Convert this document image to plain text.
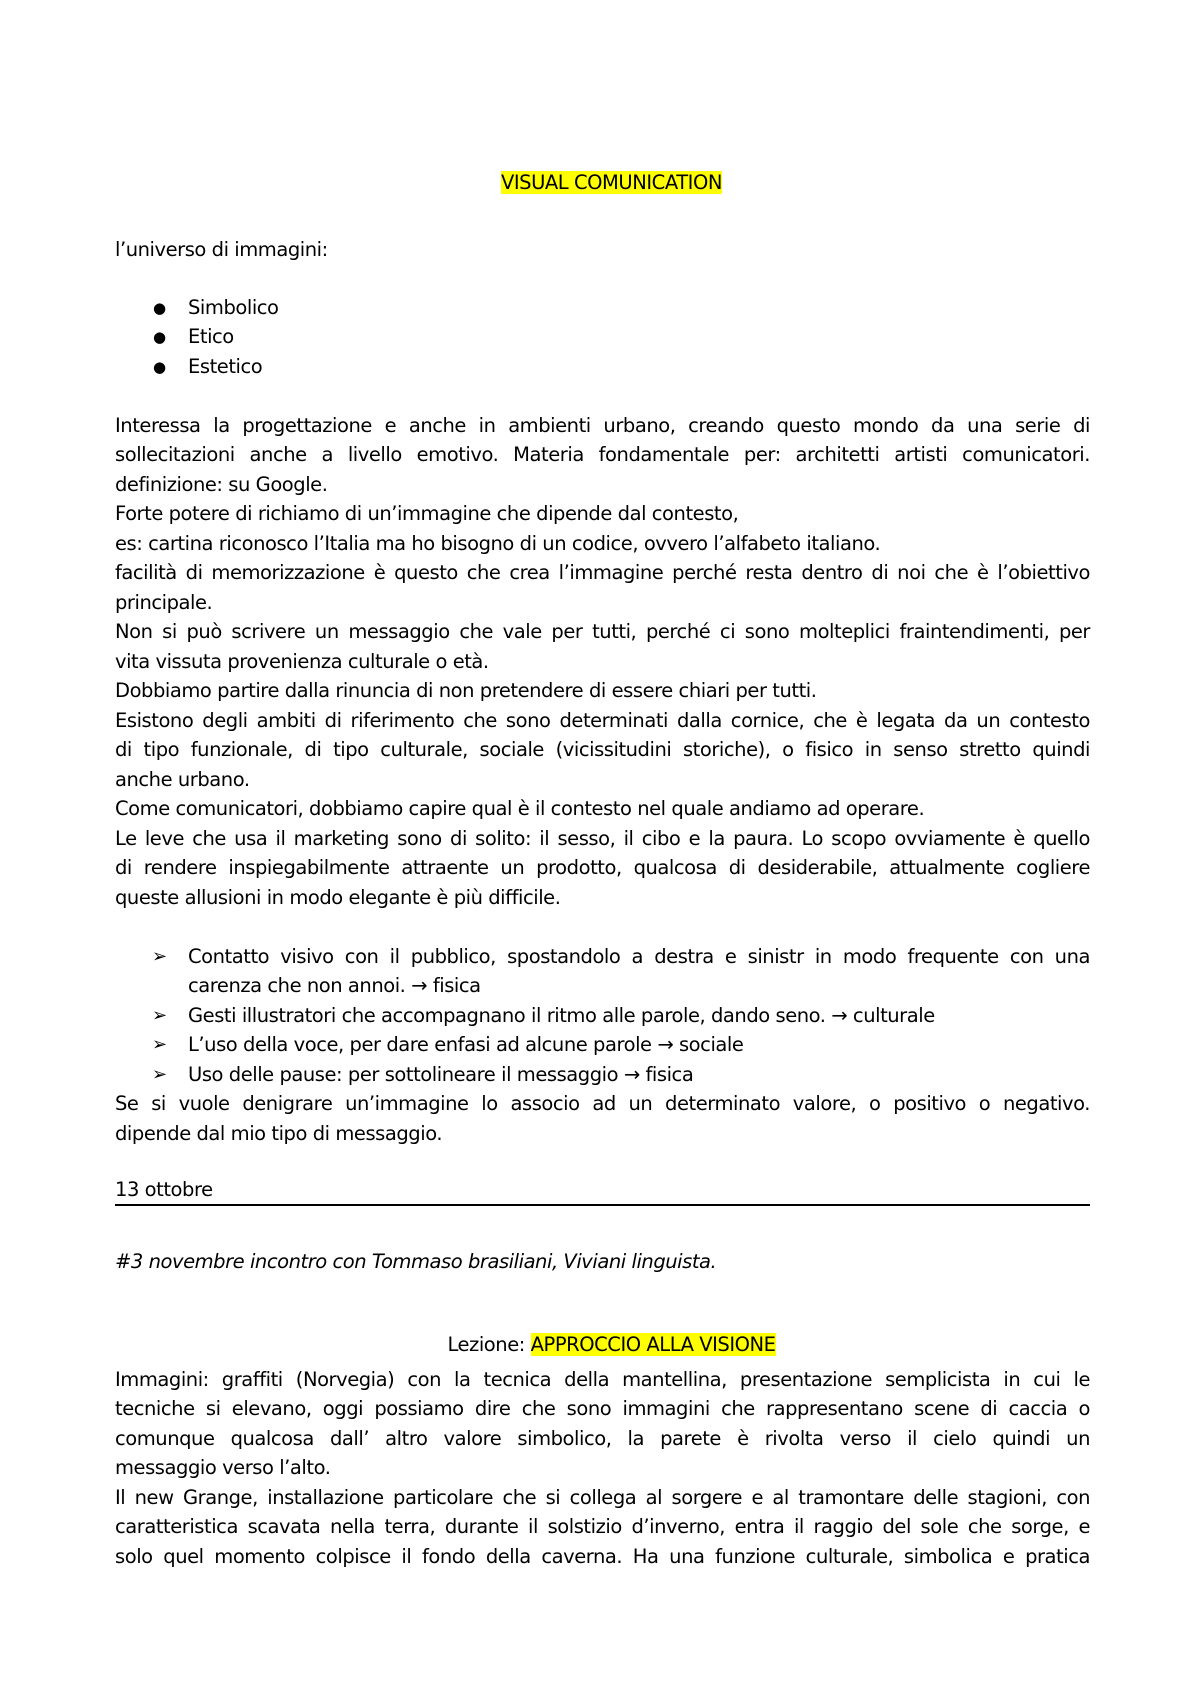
VISUAL COMUNICATION

l’universo di immagini:
● Simbolico
● Etico
● Estetico
Interessa la progettazione e anche in ambienti urbano, creando questo mondo da una serie di
sollecitazioni anche a livello emotivo. Materia fondamentale per: architetti artisti comunicatori.
definizione: su Google.
Forte potere di richiamo di un’immagine che dipende dal contesto,
es: cartina riconosco l’Italia ma ho bisogno di un codice, ovvero l’alfabeto italiano.
facilità di memorizzazione è questo che crea l’immagine perché resta dentro di noi che è l’obiettivo
principale.
Non si può scrivere un messaggio che vale per tutti, perché ci sono molteplici fraintendimenti, per
vita vissuta provenienza culturale o età.
Dobbiamo partire dalla rinuncia di non pretendere di essere chiari per tutti.
Esistono degli ambiti di riferimento che sono determinati dalla cornice, che è legata da un contesto
di tipo funzionale, di tipo culturale, sociale (vicissitudini storiche), o fisico in senso stretto quindi
anche urbano.
Come comunicatori, dobbiamo capire qual è il contesto nel quale andiamo ad operare.
Le leve che usa il marketing sono di solito: il sesso, il cibo e la paura. Lo scopo ovviamente è quello
di rendere inspiegabilmente attraente un prodotto, qualcosa di desiderabile, attualmente cogliere
queste allusioni in modo elegante è più difficile.
➢ Contatto visivo con il pubblico, spostandolo a destra e sinistr in modo frequente con una
carenza che non annoi. → fisica
➢ Gesti illustratori che accompagnano il ritmo alle parole, dando seno. → culturale
➢ L’uso della voce, per dare enfasi ad alcune parole → sociale
➢ Uso delle pause: per sottolineare il messaggio → fisica
Se si vuole denigrare un’immagine lo associo ad un determinato valore, o positivo o negativo.
dipende dal mio tipo di messaggio.
13 ottobre
#3 novembre incontro con Tommaso brasiliani, Viviani linguista.

Lezione: APPROCCIO ALLA VISIONE

Immagini: graffiti (Norvegia) con la tecnica della mantellina, presentazione semplicista in cui le
tecniche si elevano, oggi possiamo dire che sono immagini che rappresentano scene di caccia o
comunque qualcosa dall’ altro valore simbolico, la parete è rivolta verso il cielo quindi un
messaggio verso l’alto.
Il new Grange, installazione particolare che si collega al sorgere e al tramontare delle stagioni, con
caratteristica scavata nella terra, durante il solstizio d’inverno, entra il raggio del sole che sorge, e
solo quel momento colpisce il fondo della caverna. Ha una funzione culturale, simbolica e pratica
